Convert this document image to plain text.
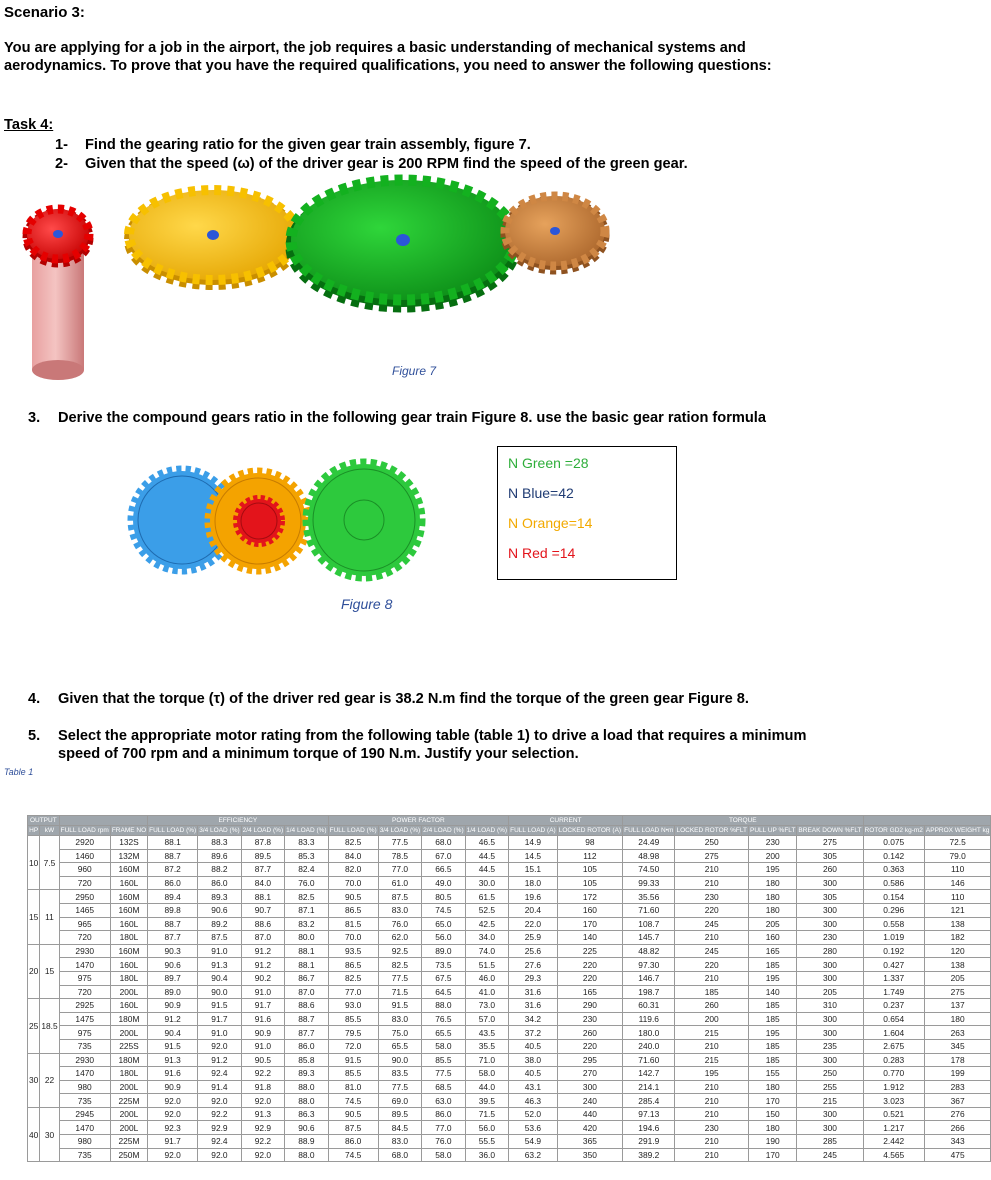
Scenario 3:
You are applying for a job in the airport, the job requires a basic understanding of mechanical systems and aerodynamics. To prove that you have the required qualifications, you need to answer the following questions:
Task 4:
1- Find the gearing ratio for the given gear train assembly, figure 7.
2- Given that the speed (ω) of the driver gear is 200 RPM find the speed of the green gear.
Figure 7
3. Derive the compound gears ratio in the following gear train Figure 8. use the basic gear ration formula
N Green =28
N Blue=42
N Orange=14
N Red =14
Figure 8
4. Given that the torque (τ) of the driver red gear is 38.2 N.m find the torque of the green gear Figure 8.
5. Select the appropriate motor rating from the following table (table 1) to drive a load that requires a minimum speed of 700 rpm and a minimum torque of 190 N.m. Justify your selection.
Table 1
OUTPUT				EFFICIENCY				POWER FACTOR				CURRENT		TORQUE					
HP	kW	FULL LOAD rpm	FRAME NO	FULL LOAD (%)	3/4 LOAD (%)	2/4 LOAD (%)	1/4 LOAD (%)	FULL LOAD (%)	3/4 LOAD (%)	2/4 LOAD (%)	1/4 LOAD (%)	FULL LOAD (A)	LOCKED ROTOR (A)	FULL LOAD N•m	LOCKED ROTOR %FLT	PULL UP %FLT	BREAK DOWN %FLT	ROTOR GD2 kg-m2	APPROX WEIGHT kg
10	7.5	2920	132S	88.1	88.3	87.8	83.3	82.5	77.5	68.0	46.5	14.9	98	24.49	250	230	275	0.075	72.5
		1460	132M	88.7	89.6	89.5	85.3	84.0	78.5	67.0	44.5	14.5	112	48.98	275	200	305	0.142	79.0
		960	160M	87.2	88.2	87.7	82.4	82.0	77.0	66.5	44.5	15.1	105	74.50	210	195	260	0.363	110
		720	160L	86.0	86.0	84.0	76.0	70.0	61.0	49.0	30.0	18.0	105	99.33	210	180	300	0.586	146
15	11	2950	160M	89.4	89.3	88.1	82.5	90.5	87.5	80.5	61.5	19.6	172	35.56	230	180	305	0.154	110
		1465	160M	89.8	90.6	90.7	87.1	86.5	83.0	74.5	52.5	20.4	160	71.60	220	180	300	0.296	121
		965	160L	88.7	89.2	88.6	83.2	81.5	76.0	65.0	42.5	22.0	170	108.7	245	205	300	0.558	138
		720	180L	87.7	87.5	87.0	80.0	70.0	62.0	56.0	34.0	25.9	140	145.7	210	160	230	1.019	182
20	15	2930	160M	90.3	91.0	91.2	88.1	93.5	92.5	89.0	74.0	25.6	225	48.82	245	165	280	0.192	120
		1470	160L	90.6	91.3	91.2	88.1	86.5	82.5	73.5	51.5	27.6	220	97.30	220	185	300	0.427	138
		975	180L	89.7	90.4	90.2	86.7	82.5	77.5	67.5	46.0	29.3	220	146.7	210	195	300	1.337	205
		720	200L	89.0	90.0	91.0	87.0	77.0	71.5	64.5	41.0	31.6	165	198.7	185	140	205	1.749	275
25	18.5	2925	160L	90.9	91.5	91.7	88.6	93.0	91.5	88.0	73.0	31.6	290	60.31	260	185	310	0.237	137
		1475	180M	91.2	91.7	91.6	88.7	85.5	83.0	76.5	57.0	34.2	230	119.6	200	185	300	0.654	180
		975	200L	90.4	91.0	90.9	87.7	79.5	75.0	65.5	43.5	37.2	260	180.0	215	195	300	1.604	263
		735	225S	91.5	92.0	91.0	86.0	72.0	65.5	58.0	35.5	40.5	220	240.0	210	185	235	2.675	345
30	22	2930	180M	91.3	91.2	90.5	85.8	91.5	90.0	85.5	71.0	38.0	295	71.60	215	185	300	0.283	178
		1470	180L	91.6	92.4	92.2	89.3	85.5	83.5	77.5	58.0	40.5	270	142.7	195	155	250	0.770	199
		980	200L	90.9	91.4	91.8	88.0	81.0	77.5	68.5	44.0	43.1	300	214.1	210	180	255	1.912	283
		735	225M	92.0	92.0	92.0	88.0	74.5	69.0	63.0	39.5	46.3	240	285.4	210	170	215	3.023	367
40	30	2945	200L	92.0	92.2	91.3	86.3	90.5	89.5	86.0	71.5	52.0	440	97.13	210	150	300	0.521	276
		1470	200L	92.3	92.9	92.9	90.6	87.5	84.5	77.0	56.0	53.6	420	194.6	230	180	300	1.217	266
		980	225M	91.7	92.4	92.2	88.9	86.0	83.0	76.0	55.5	54.9	365	291.9	210	190	285	2.442	343
		735	250M	92.0	92.0	92.0	88.0	74.5	68.0	58.0	36.0	63.2	350	389.2	210	170	245	4.565	475
